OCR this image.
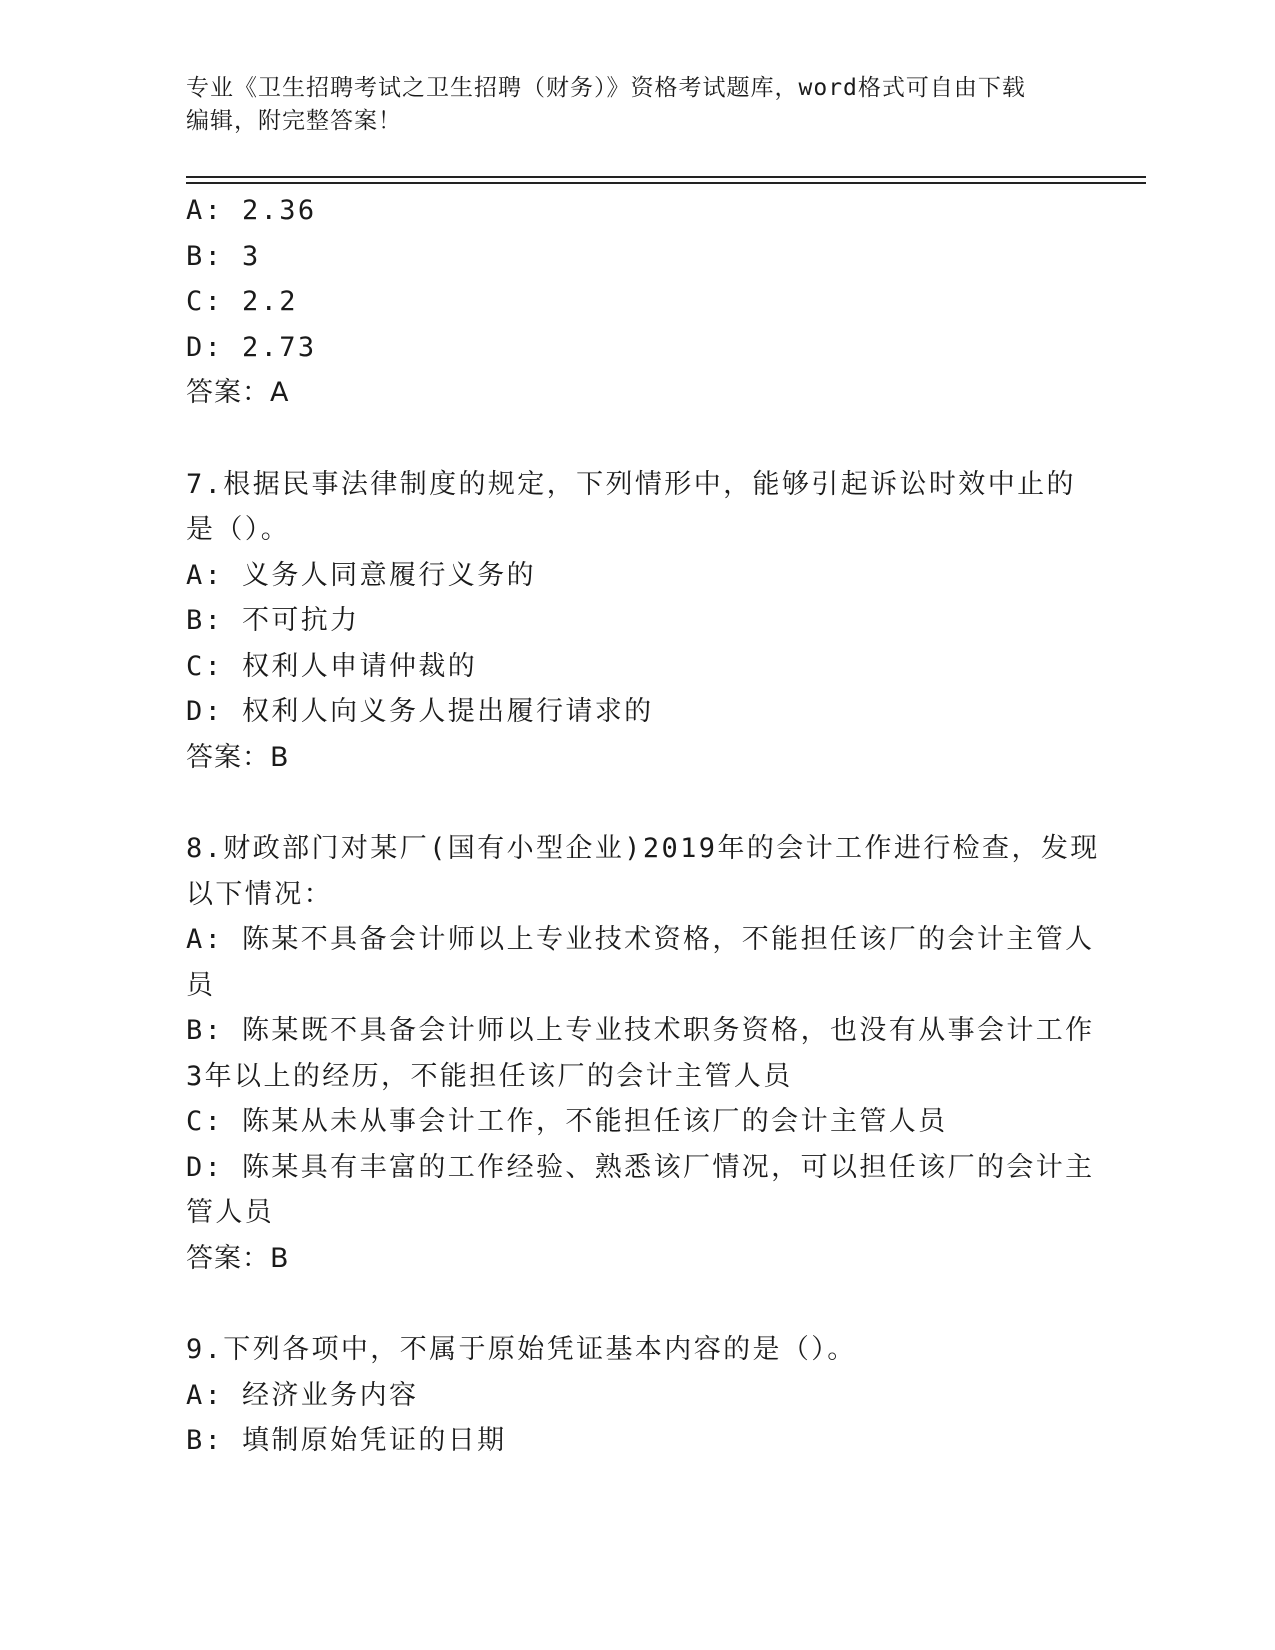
专业《卫生招聘考试之卫生招聘（财务）》资格考试题库，word格式可自由下载
编辑，附完整答案！
A: 2.36
B: 3
C: 2.2
D: 2.73
答案：A
7.根据民事法律制度的规定，下列情形中，能够引起诉讼时效中止的
是（）。
A: 义务人同意履行义务的
B: 不可抗力
C: 权利人申请仲裁的
D: 权利人向义务人提出履行请求的
答案：B
8.财政部门对某厂(国有小型企业)2019年的会计工作进行检查，发现
以下情况：
A: 陈某不具备会计师以上专业技术资格，不能担任该厂的会计主管人
员
B: 陈某既不具备会计师以上专业技术职务资格，也没有从事会计工作
3年以上的经历，不能担任该厂的会计主管人员
C: 陈某从未从事会计工作，不能担任该厂的会计主管人员
D: 陈某具有丰富的工作经验、熟悉该厂情况，可以担任该厂的会计主
管人员
答案：B
9.下列各项中，不属于原始凭证基本内容的是（）。
A: 经济业务内容
B: 填制原始凭证的日期
